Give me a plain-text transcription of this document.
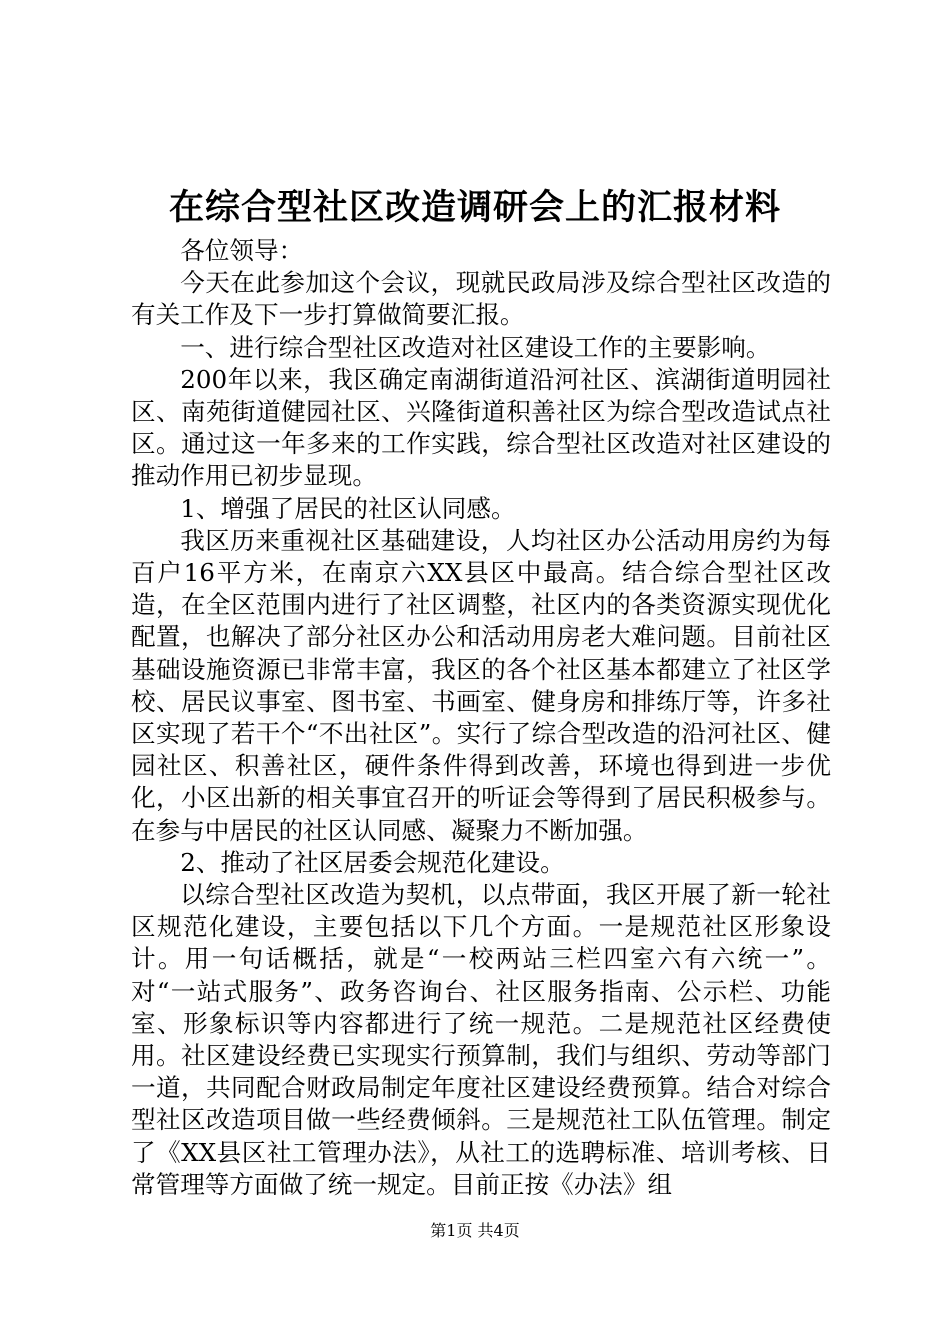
在综合型社区改造调研会上的汇报材料

各位领导：

今天在此参加这个会议，现就民政局涉及综合型社区改造的有关工作及下一步打算做简要汇报。

一、进行综合型社区改造对社区建设工作的主要影响。

200年以来，我区确定南湖街道沿河社区、滨湖街道明园社区、南苑街道健园社区、兴隆街道积善社区为综合型改造试点社区。通过这一年多来的工作实践，综合型社区改造对社区建设的推动作用已初步显现。

1、增强了居民的社区认同感。

我区历来重视社区基础建设，人均社区办公活动用房约为每百户16平方米，在南京六XX县区中最高。结合综合型社区改造，在全区范围内进行了社区调整，社区内的各类资源实现优化配置，也解决了部分社区办公和活动用房老大难问题。目前社区基础设施资源已非常丰富，我区的各个社区基本都建立了社区学校、居民议事室、图书室、书画室、健身房和排练厅等，许多社区实现了若干个“不出社区”。实行了综合型改造的沿河社区、健园社区、积善社区，硬件条件得到改善，环境也得到进一步优化，小区出新的相关事宜召开的听证会等得到了居民积极参与。在参与中居民的社区认同感、凝聚力不断加强。

2、推动了社区居委会规范化建设。

以综合型社区改造为契机，以点带面，我区开展了新一轮社区规范化建设，主要包括以下几个方面。一是规范社区形象设计。用一句话概括，就是“一校两站三栏四室六有六统一”。对“一站式服务”、政务咨询台、社区服务指南、公示栏、功能室、形象标识等内容都进行了统一规范。二是规范社区经费使用。社区建设经费已实现实行预算制，我们与组织、劳动等部门一道，共同配合财政局制定年度社区建设经费预算。结合对综合型社区改造项目做一些经费倾斜。三是规范社工队伍管理。制定了《XX县区社工管理办法》，从社工的选聘标准、培训考核、日常管理等方面做了统一规定。目前正按《办法》组

第1页 共4页
